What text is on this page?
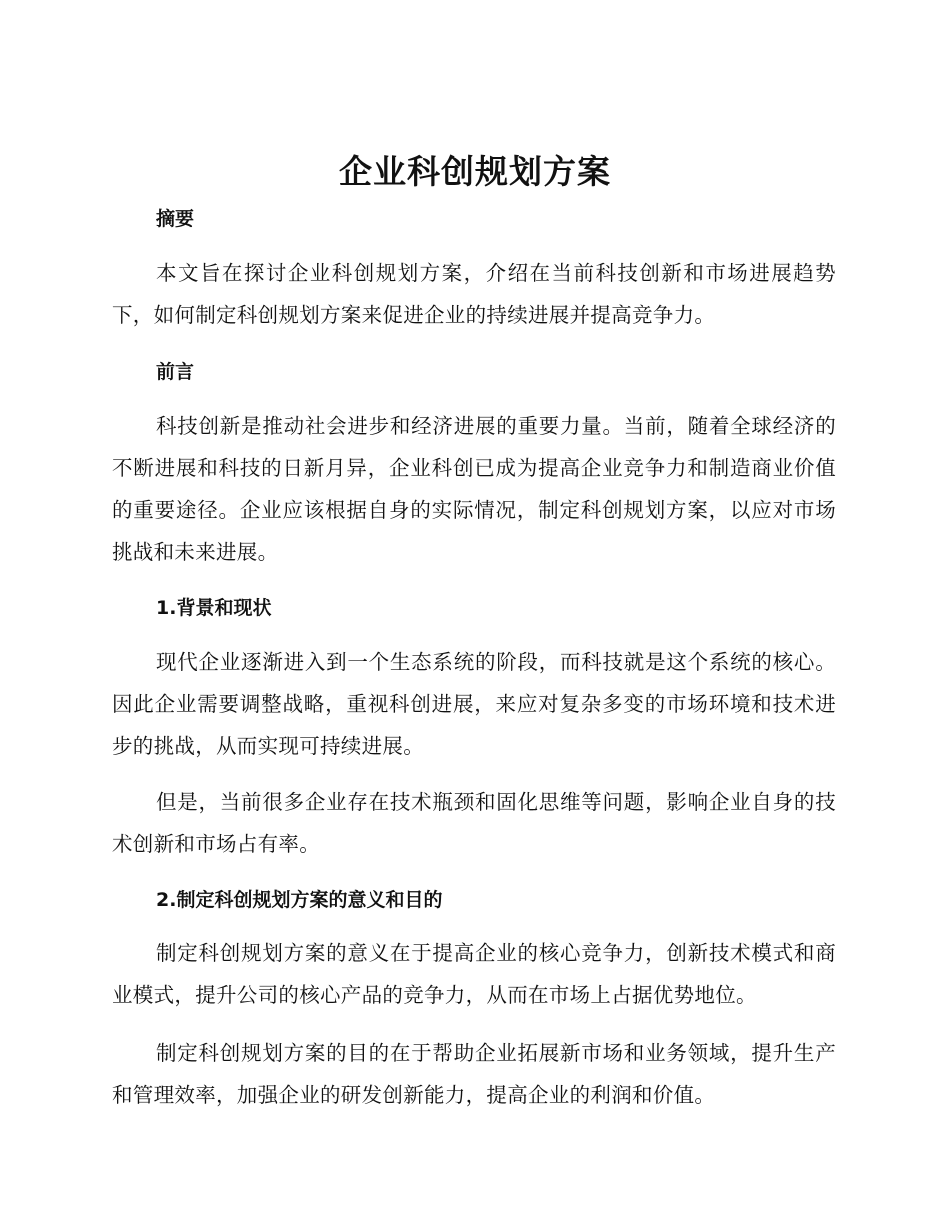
企业科创规划方案
摘要

本文旨在探讨企业科创规划方案，介绍在当前科技创新和市场进展趋势下，如何制定科创规划方案来促进企业的持续进展并提高竞争力。

前言

科技创新是推动社会进步和经济进展的重要力量。当前，随着全球经济的不断进展和科技的日新月异，企业科创已成为提高企业竞争力和制造商业价值的重要途径。企业应该根据自身的实际情况，制定科创规划方案，以应对市场挑战和未来进展。

1.背景和现状

现代企业逐渐进入到一个生态系统的阶段，而科技就是这个系统的核心。因此企业需要调整战略，重视科创进展，来应对复杂多变的市场环境和技术进步的挑战，从而实现可持续进展。

但是，当前很多企业存在技术瓶颈和固化思维等问题，影响企业自身的技术创新和市场占有率。

2.制定科创规划方案的意义和目的

制定科创规划方案的意义在于提高企业的核心竞争力，创新技术模式和商业模式，提升公司的核心产品的竞争力，从而在市场上占据优势地位。

制定科创规划方案的目的在于帮助企业拓展新市场和业务领域，提升生产和管理效率，加强企业的研发创新能力，提高企业的利润和价值。
